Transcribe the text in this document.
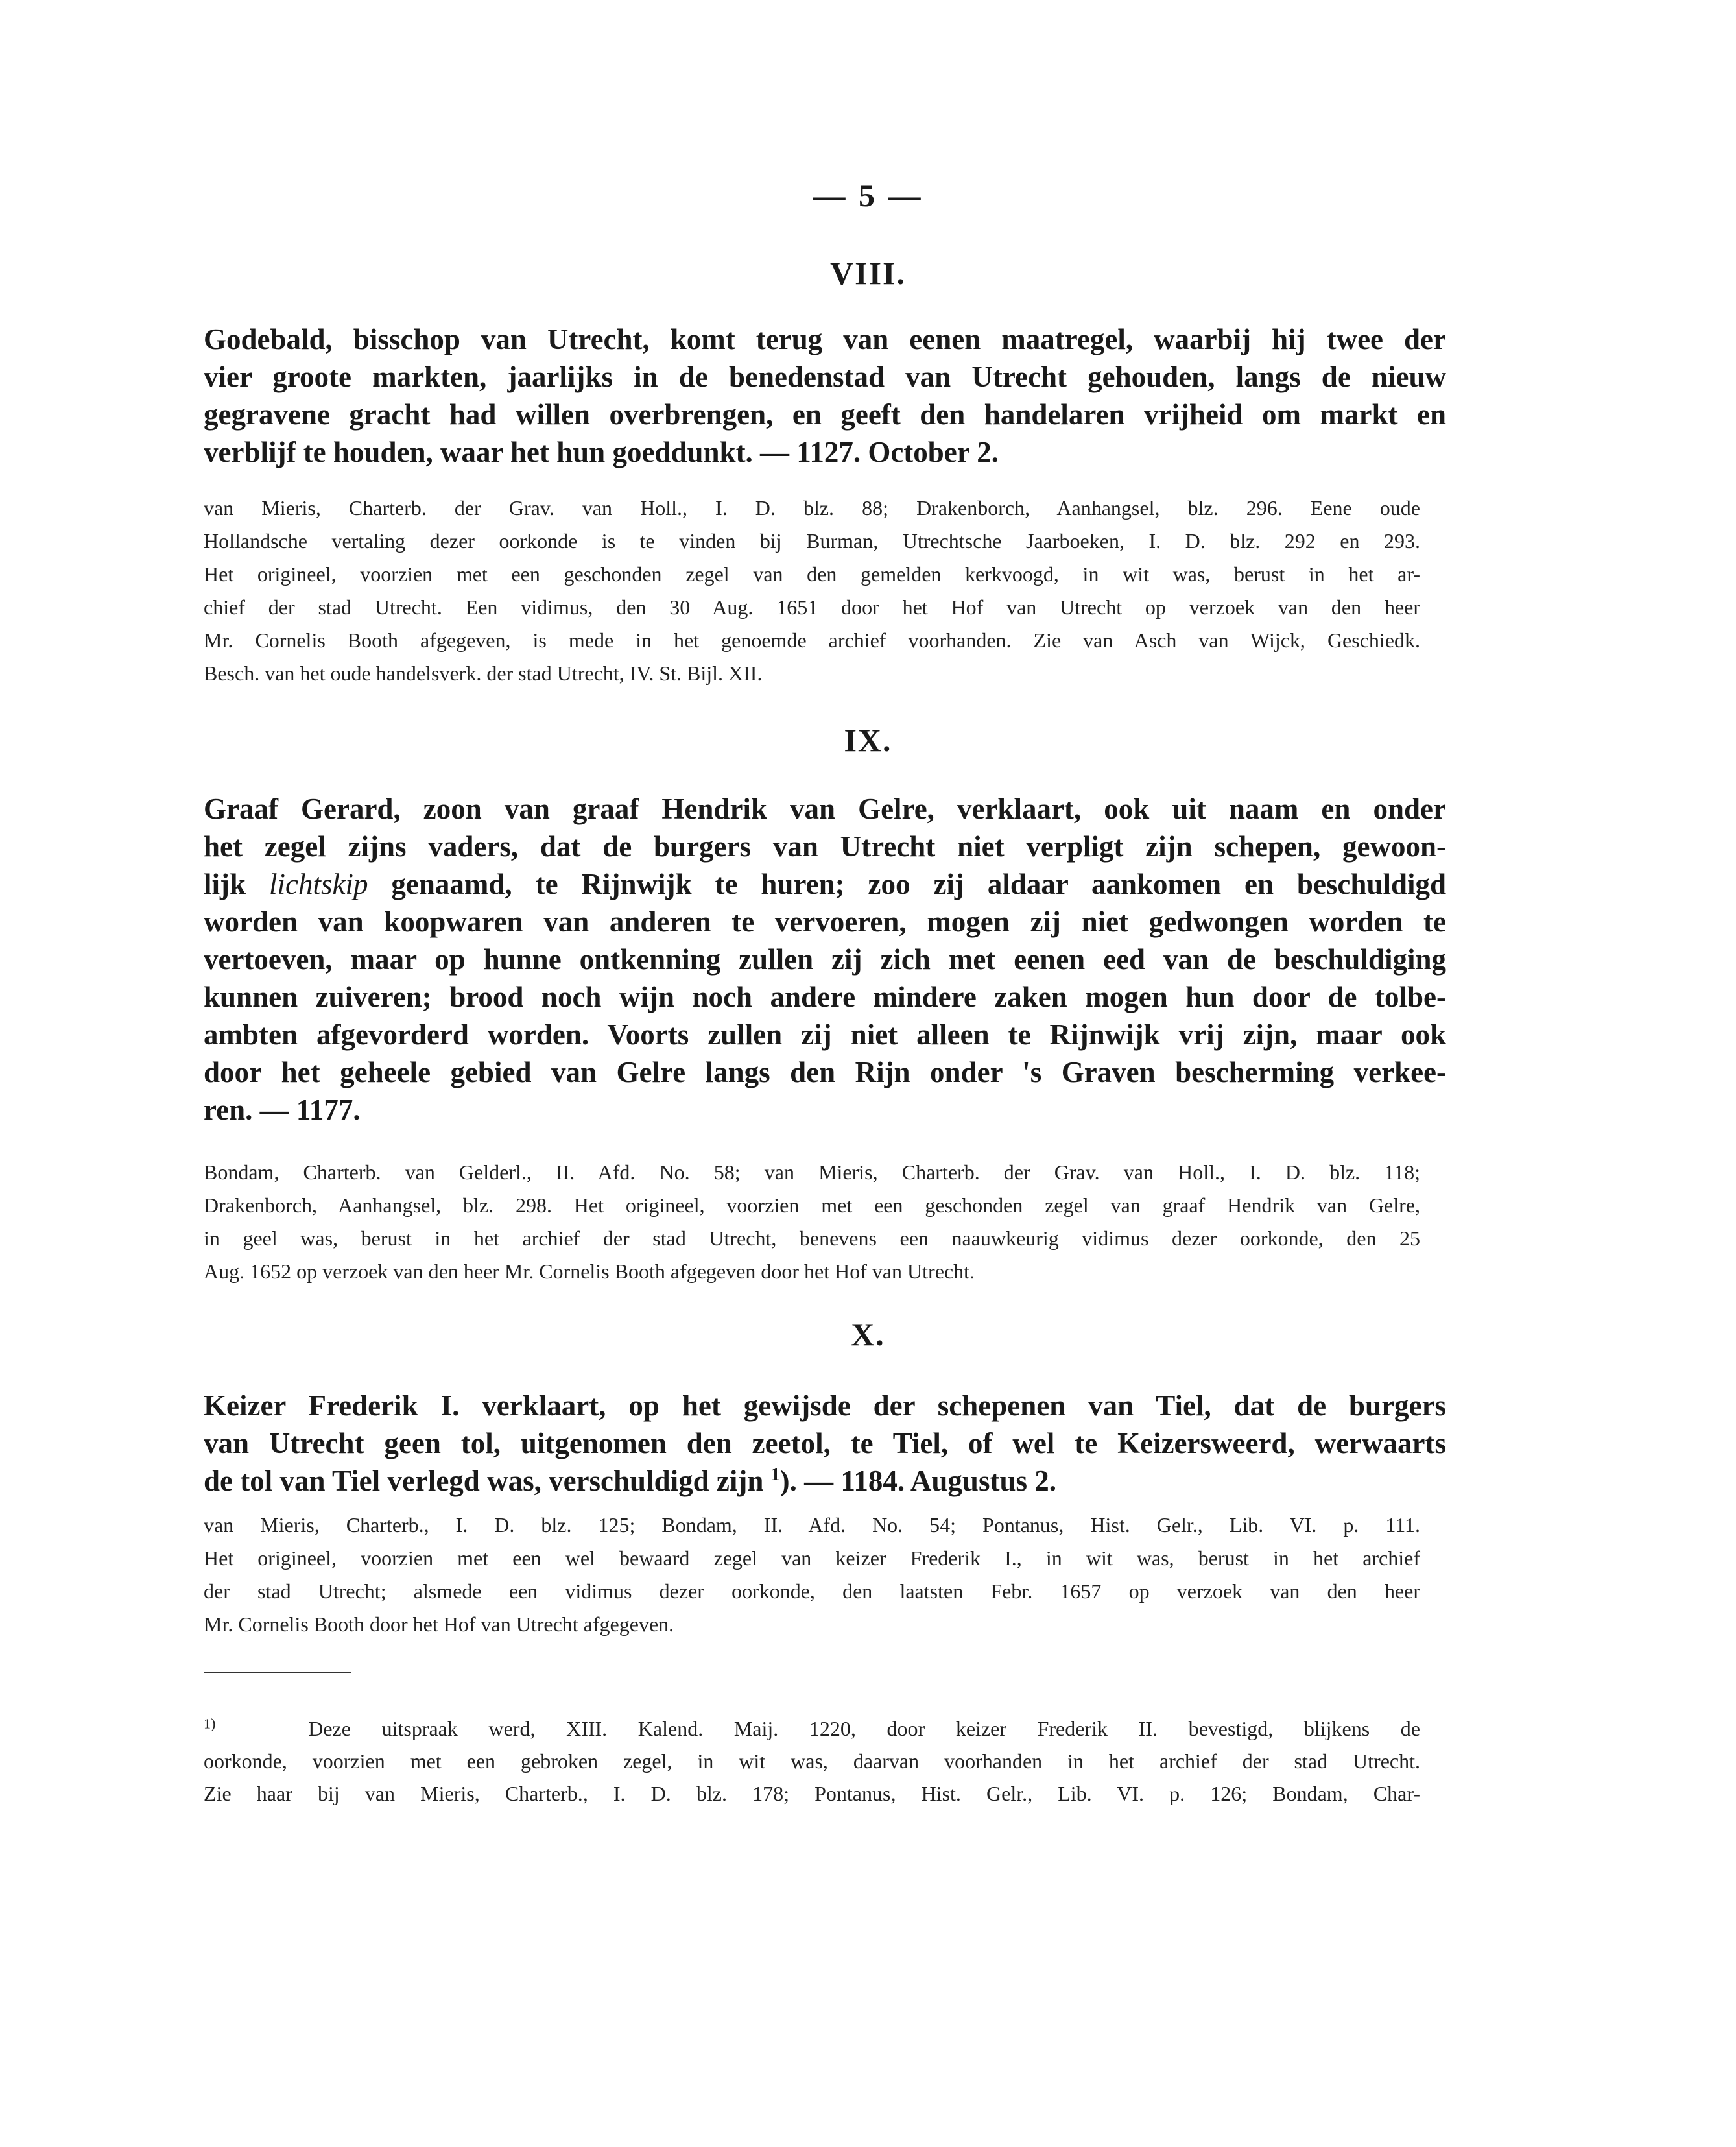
— 5 —
VIII.
Godebald, bisschop van Utrecht, komt terug van eenen maatregel, waarbij hij twee der
vier groote markten, jaarlijks in de benedenstad van Utrecht gehouden, langs de nieuw
gegravene gracht had willen overbrengen, en geeft den handelaren vrijheid om markt en
verblijf te houden, waar het hun goeddunkt. — 1127. October 2.
van Mieris, Charterb. der Grav. van Holl., I. D. blz. 88; Drakenborch, Aanhangsel, blz. 296. Eene oude
Hollandsche vertaling dezer oorkonde is te vinden bij Burman, Utrechtsche Jaarboeken, I. D. blz. 292 en 293.
Het origineel, voorzien met een geschonden zegel van den gemelden kerkvoogd, in wit was, berust in het ar-
chief der stad Utrecht. Een vidimus, den 30 Aug. 1651 door het Hof van Utrecht op verzoek van den heer
Mr. Cornelis Booth afgegeven, is mede in het genoemde archief voorhanden. Zie van Asch van Wijck, Geschiedk.
Besch. van het oude handelsverk. der stad Utrecht, IV. St. Bijl. XII.
IX.
Graaf Gerard, zoon van graaf Hendrik van Gelre, verklaart, ook uit naam en onder
het zegel zijns vaders, dat de burgers van Utrecht niet verpligt zijn schepen, gewoon-
lijk lichtskip genaamd, te Rijnwijk te huren; zoo zij aldaar aankomen en beschuldigd
worden van koopwaren van anderen te vervoeren, mogen zij niet gedwongen worden te
vertoeven, maar op hunne ontkenning zullen zij zich met eenen eed van de beschuldiging
kunnen zuiveren; brood noch wijn noch andere mindere zaken mogen hun door de tolbe-
ambten afgevorderd worden. Voorts zullen zij niet alleen te Rijnwijk vrij zijn, maar ook
door het geheele gebied van Gelre langs den Rijn onder 's Graven bescherming verkee-
ren. — 1177.
Bondam, Charterb. van Gelderl., II. Afd. No. 58; van Mieris, Charterb. der Grav. van Holl., I. D. blz. 118;
Drakenborch, Aanhangsel, blz. 298. Het origineel, voorzien met een geschonden zegel van graaf Hendrik van Gelre,
in geel was, berust in het archief der stad Utrecht, benevens een naauwkeurig vidimus dezer oorkonde, den 25
Aug. 1652 op verzoek van den heer Mr. Cornelis Booth afgegeven door het Hof van Utrecht.
X.
Keizer Frederik I. verklaart, op het gewijsde der schepenen van Tiel, dat de burgers
van Utrecht geen tol, uitgenomen den zeetol, te Tiel, of wel te Keizersweerd, werwaarts
de tol van Tiel verlegd was, verschuldigd zijn $^1$). — 1184. Augustus 2.
van Mieris, Charterb., I. D. blz. 125; Bondam, II. Afd. No. 54; Pontanus, Hist. Gelr., Lib. VI. p. 111.
Het origineel, voorzien met een wel bewaard zegel van keizer Frederik I., in wit was, berust in het archief
der stad Utrecht; alsmede een vidimus dezer oorkonde, den laatsten Febr. 1657 op verzoek van den heer
Mr. Cornelis Booth door het Hof van Utrecht afgegeven.
$^{1)}$	Deze uitspraak werd, XIII. Kalend. Maij. 1220, door keizer Frederik II. bevestigd, blijkens de
oorkonde, voorzien met een gebroken zegel, in wit was, daarvan voorhanden in het archief der stad Utrecht.
Zie haar bij van Mieris, Charterb., I. D. blz. 178; Pontanus, Hist. Gelr., Lib. VI. p. 126; Bondam, Char-
